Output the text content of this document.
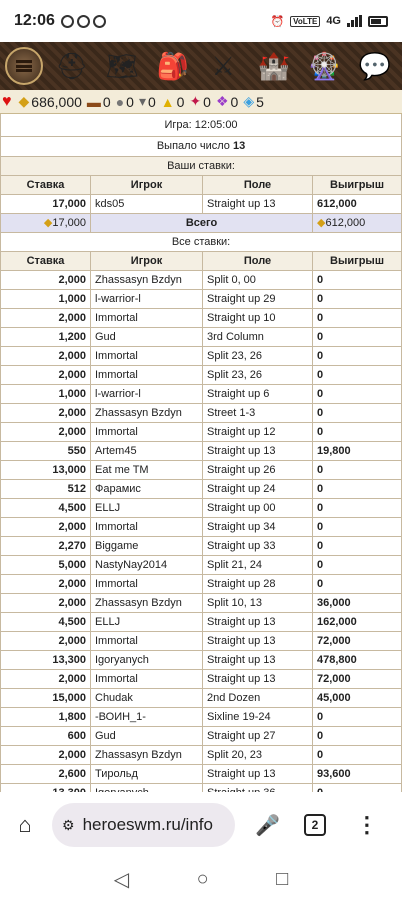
12:06	⏰	VoLTE 4G
⛑ 🗺 🎒 ⚔ 🏰 🎡 💬
♥ ◆ 686,000 ▬ 0 ● 0 ▾ 0 ▲ 0 ✦ 0 ❖ 0 ◈ 5
Игра: 12:05:00			
Выпало число 13			
Ваши ставки:			
Ставка	Игрок	Поле	Выигрыш
17,000	kds05	Straight up 13	612,000
◆17,000	Всего		◆612,000
Все ставки:			
Ставка	Игрок	Поле	Выигрыш
2,000	Zhassasyn Bzdyn	Split 0, 00	0
1,000	l-warrior-l	Straight up 29	0
2,000	Immortal	Straight up 10	0
1,200	Gud	3rd Column	0
2,000	Immortal	Split 23, 26	0
2,000	Immortal	Split 23, 26	0
1,000	l-warrior-l	Straight up 6	0
2,000	Zhassasyn Bzdyn	Street 1-3	0
2,000	Immortal	Straight up 12	0
550	Artem45	Straight up 13	19,800
13,000	Eat me TM	Straight up 26	0
512	Фарамис	Straight up 24	0
4,500	ELLJ	Straight up 00	0
2,000	Immortal	Straight up 34	0
2,270	Biggame	Straight up 33	0
5,000	NastyNay2014	Split 21, 24	0
2,000	Immortal	Straight up 28	0
2,000	Zhassasyn Bzdyn	Split 10, 13	36,000
4,500	ELLJ	Straight up 13	162,000
2,000	Immortal	Straight up 13	72,000
13,300	Igoryanych	Straight up 13	478,800
2,000	Immortal	Straight up 13	72,000
15,000	Chudak	2nd Dozen	45,000
1,800	-ВОИН_1-	Sixline 19-24	0
600	Gud	Straight up 27	0
2,000	Zhassasyn Bzdyn	Split 20, 23	0
2,600	Тирольд	Straight up 13	93,600

⌂	⚙ heroeswm.ru/info 🎤	2	⋮
◁	○	□
